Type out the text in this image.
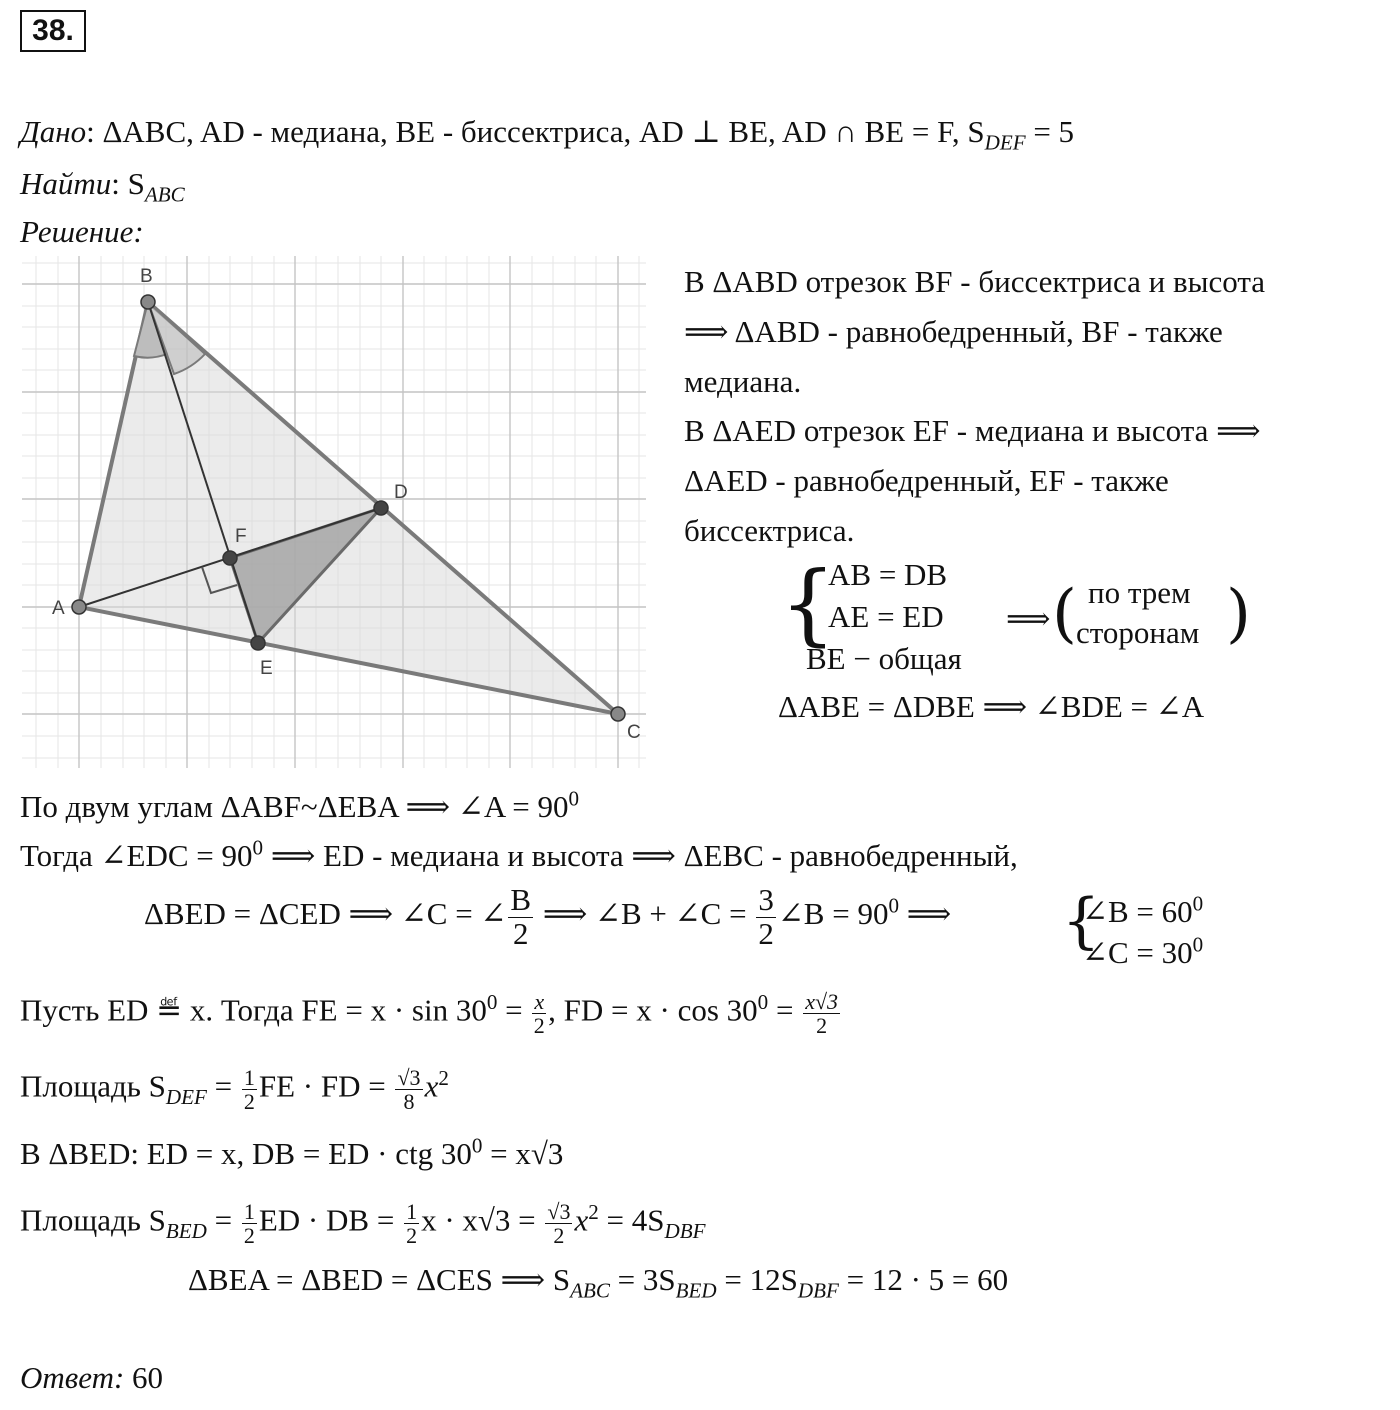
38.
Дано: ΔABC, AD - медиана, BE - биссектриса, AD ⊥ BE, AD ∩ BE = F, $S_{DEF} = 5$
Найти: $S_{ABC}$
Решение:
A
B
C
D
E
F
В ΔABD отрезок BF - биссектриса и высота
⟹ ΔABD - равнобедренный, BF - также
медиана.
В ΔAED отрезок EF - медиана и высота ⟹
ΔAED - равнобедренный, EF - также
биссектриса.
{
AB = DB
AE = ED
BE − общая
⟹ ( по трем
сторонам )
ΔABE = ΔDBE ⟹ ∠BDE = ∠A
По двум углам ΔABF~ΔEBA ⟹ ∠A = $90^0$
Тогда ∠EDC = $90^0$ ⟹ ED - медиана и высота ⟹ ΔEBC - равнобедренный,
ΔBED = ΔCED ⟹ ∠C = ∠ $\frac{B}{2}$ ⟹ ∠B + ∠C = $\frac{3}{2}$ ∠B = $90^0$ ⟹ {
∠B = $60^0$
∠C = $30^0$
Пусть ED ≝ x. Тогда FE = $x \cdot \sin 30^0 = \frac{x}{2}$ , FD = $x \cdot \cos 30^0 = \frac{x√3}{2}$
Площадь $S_{DEF} = \frac{1}{2}$ FE · FD = $\frac{√3}{8} x^2$
В ΔBED: ED = x, DB = ED · ctg $30^0 = x√3$
Площадь $S_{BED} = \frac{1}{2}$ ED · DB = $\frac{1}{2}$ $x \cdot x√3 = \frac{√3}{2} x^2 = 4S_{DBF}$
ΔBEA = ΔBED = ΔCES ⟹ $S_{ABC} = 3S_{BED} = 12S_{DBF} = 12 \cdot 5 = 60$
Ответ: 60
